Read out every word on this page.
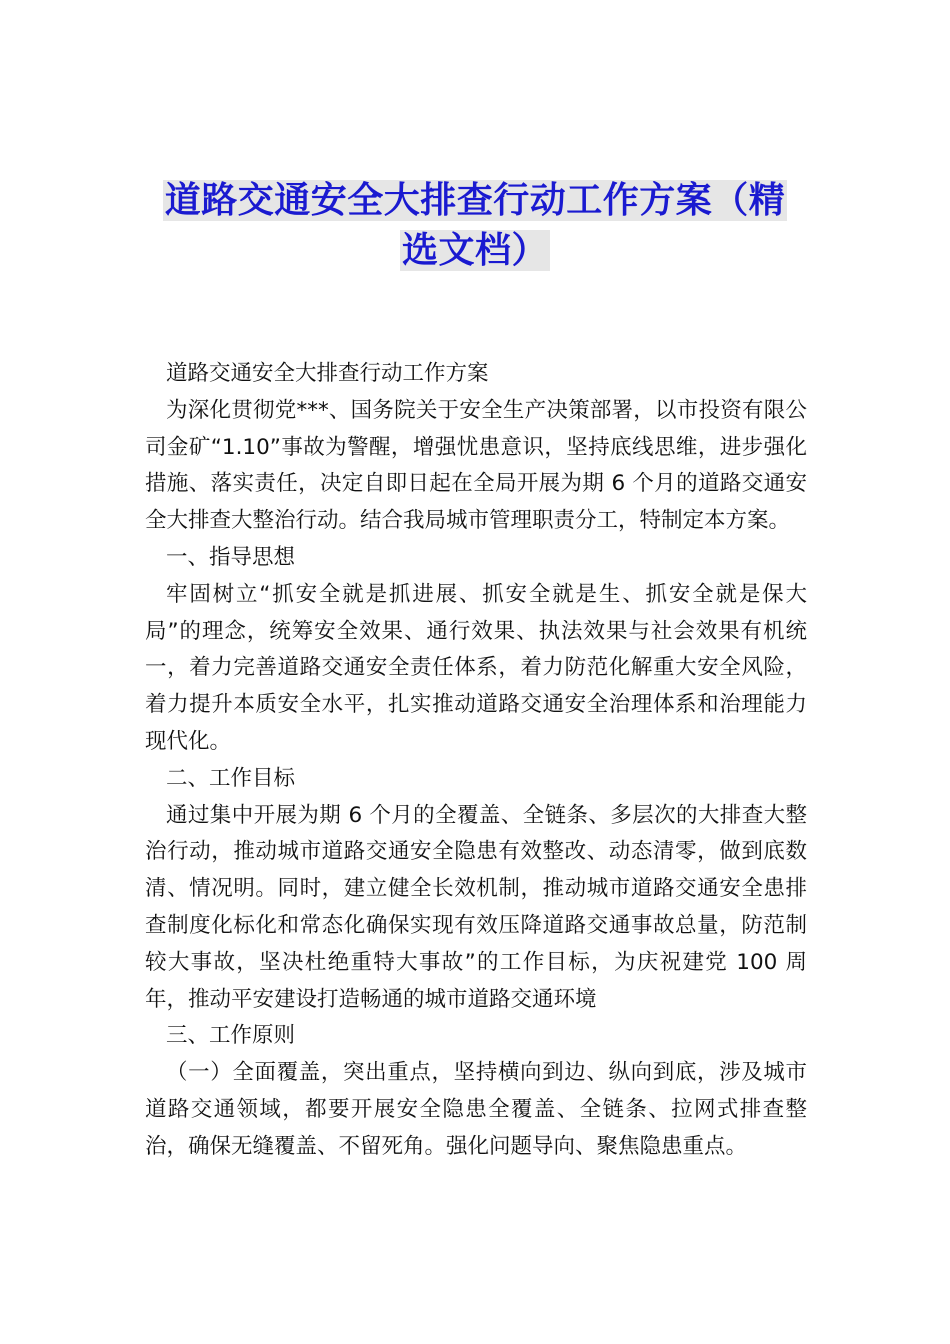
道路交通安全大排查行动工作方案（精
选文档）

道路交通安全大排查行动工作方案

为深化贯彻党***、国务院关于安全生产决策部署，以市投资有限公司金矿“1.10”事故为警醒，增强忧患意识，坚持底线思维，进步强化措施、落实责任，决定自即日起在全局开展为期 6 个月的道路交通安全大排查大整治行动。结合我局城市管理职责分工，特制定本方案。

一、指导思想

牢固树立“抓安全就是抓进展、抓安全就是生、抓安全就是保大局”的理念，统筹安全效果、通行效果、执法效果与社会效果有机统一，着力完善道路交通安全责任体系，着力防范化解重大安全风险，着力提升本质安全水平，扎实推动道路交通安全治理体系和治理能力现代化。

二、工作目标

通过集中开展为期 6 个月的全覆盖、全链条、多层次的大排查大整治行动，推动城市道路交通安全隐患有效整改、动态清零，做到底数清、情况明。同时，建立健全长效机制，推动城市道路交通安全患排查制度化标化和常态化确保实现有效压降道路交通事故总量，防范制较大事故，坚决杜绝重特大事故”的工作目标，为庆祝建党 100 周年，推动平安建设打造畅通的城市道路交通环境

三、工作原则

（一）全面覆盖，突出重点，坚持横向到边、纵向到底，涉及城市道路交通领域，都要开展安全隐患全覆盖、全链条、拉网式排查整治，确保无缝覆盖、不留死角。强化问题导向、聚焦隐患重点。
